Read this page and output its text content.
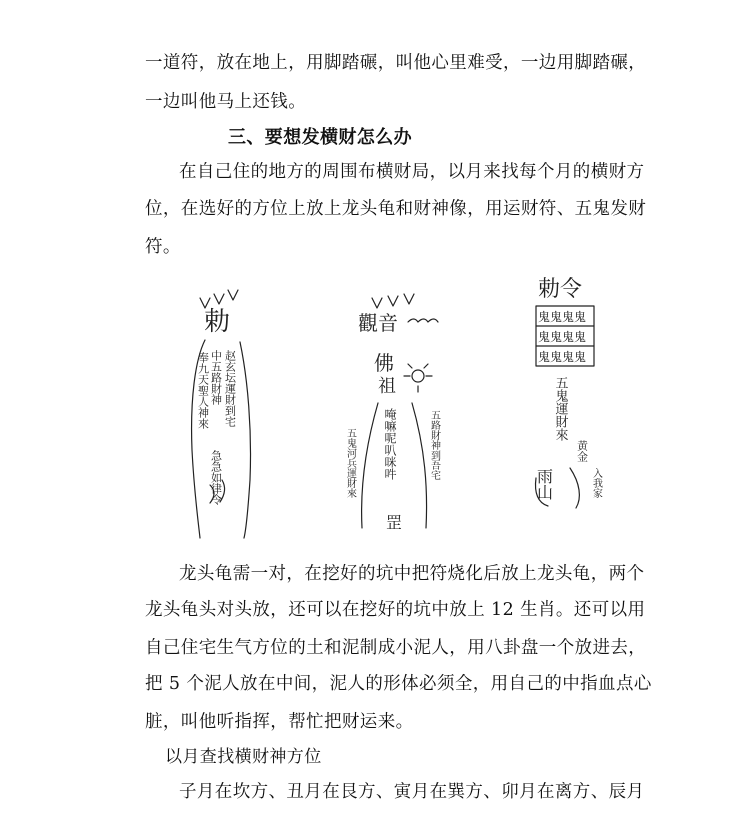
一道符，放在地上，用脚踏碾，叫他心里难受，一边用脚踏碾，
一边叫他马上还钱。
三、要想发横财怎么办
在自己住的地方的周围布横财局，以月来找每个月的横财方
位，在选好的方位上放上龙头龟和财神像，用运财符、五鬼发财
符。
勅
奉九天聖人神來 中五路財神 赵玄坛運財到宅
急急如律令
觀音
佛
祖
唵嘛呢叭咪吽
五鬼河兵運財來	五路財神到吾宅
罡
勅令
鬼鬼鬼鬼
鬼鬼鬼鬼
鬼鬼鬼鬼
五鬼運財來
黄金
入我家
雨山
龙头龟需一对，在挖好的坑中把符烧化后放上龙头龟，两个
龙头龟头对头放，还可以在挖好的坑中放上 12 生肖。还可以用
自己住宅生气方位的土和泥制成小泥人，用八卦盘一个放进去，
把 5 个泥人放在中间，泥人的形体必须全，用自己的中指血点心
脏，叫他听指挥，帮忙把财运来。
以月查找横财神方位
子月在坎方、丑月在艮方、寅月在巽方、卯月在离方、辰月
